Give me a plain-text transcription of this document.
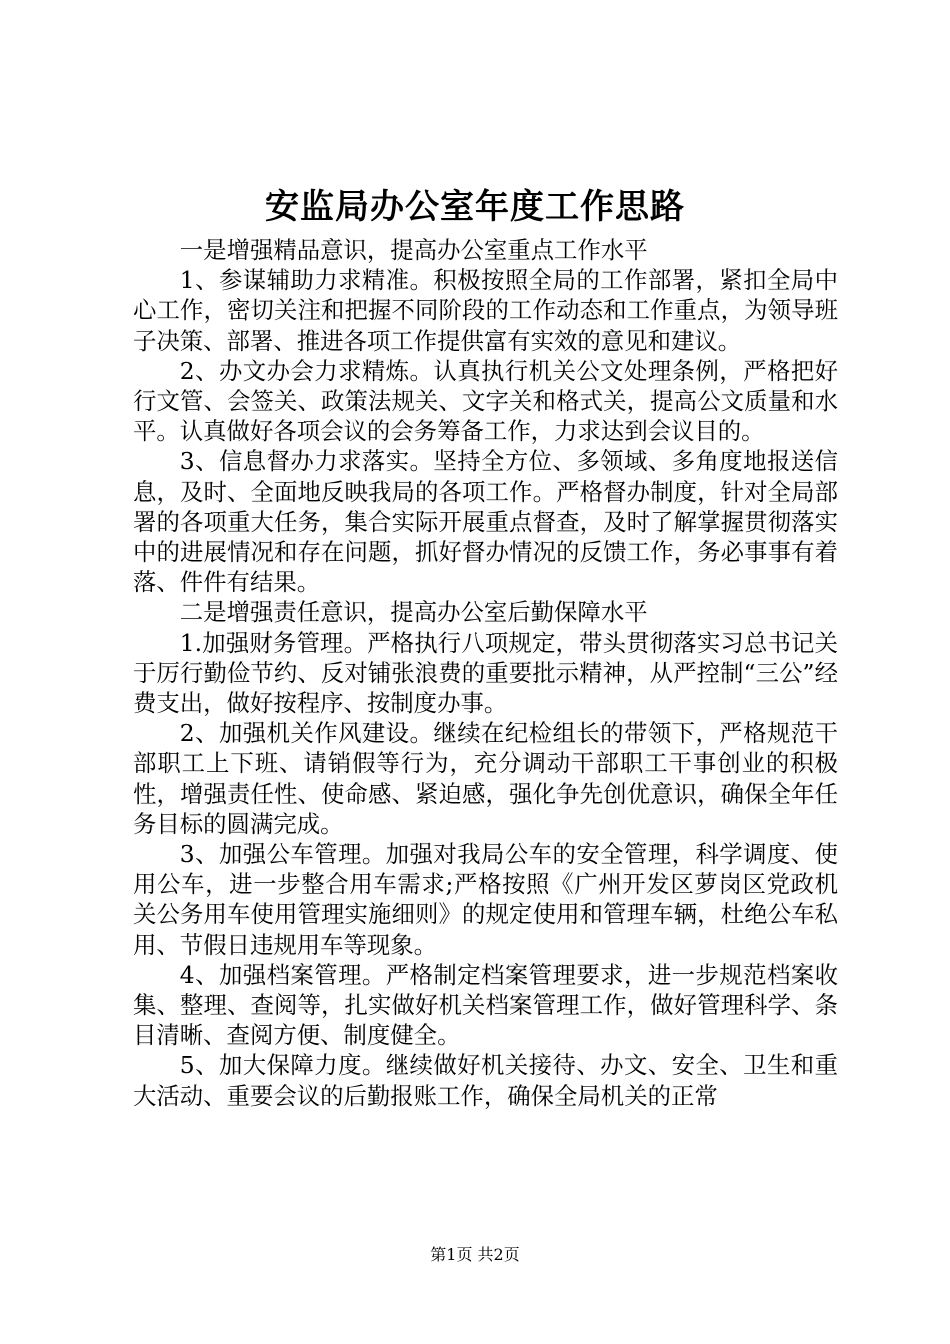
安监局办公室年度工作思路

一是增强精品意识，提高办公室重点工作水平

1、参谋辅助力求精准。积极按照全局的工作部署，紧扣全局中心工作，密切关注和把握不同阶段的工作动态和工作重点，为领导班子决策、部署、推进各项工作提供富有实效的意见和建议。

2、办文办会力求精炼。认真执行机关公文处理条例，严格把好行文管、会签关、政策法规关、文字关和格式关，提高公文质量和水平。认真做好各项会议的会务筹备工作，力求达到会议目的。

3、信息督办力求落实。坚持全方位、多领域、多角度地报送信息，及时、全面地反映我局的各项工作。严格督办制度，针对全局部署的各项重大任务，集合实际开展重点督查，及时了解掌握贯彻落实中的进展情况和存在问题，抓好督办情况的反馈工作，务必事事有着落、件件有结果。

二是增强责任意识，提高办公室后勤保障水平

1.加强财务管理。严格执行八项规定，带头贯彻落实习总书记关于厉行勤俭节约、反对铺张浪费的重要批示精神，从严控制“三公”经费支出，做好按程序、按制度办事。

2、加强机关作风建设。继续在纪检组长的带领下，严格规范干部职工上下班、请销假等行为，充分调动干部职工干事创业的积极性，增强责任性、使命感、紧迫感，强化争先创优意识，确保全年任务目标的圆满完成。

3、加强公车管理。加强对我局公车的安全管理，科学调度、使用公车，进一步整合用车需求;严格按照《广州开发区萝岗区党政机关公务用车使用管理实施细则》的规定使用和管理车辆，杜绝公车私用、节假日违规用车等现象。

4、加强档案管理。严格制定档案管理要求，进一步规范档案收集、整理、查阅等，扎实做好机关档案管理工作，做好管理科学、条目清晰、查阅方便、制度健全。

5、加大保障力度。继续做好机关接待、办文、安全、卫生和重大活动、重要会议的后勤报账工作，确保全局机关的正常

第1页 共2页
